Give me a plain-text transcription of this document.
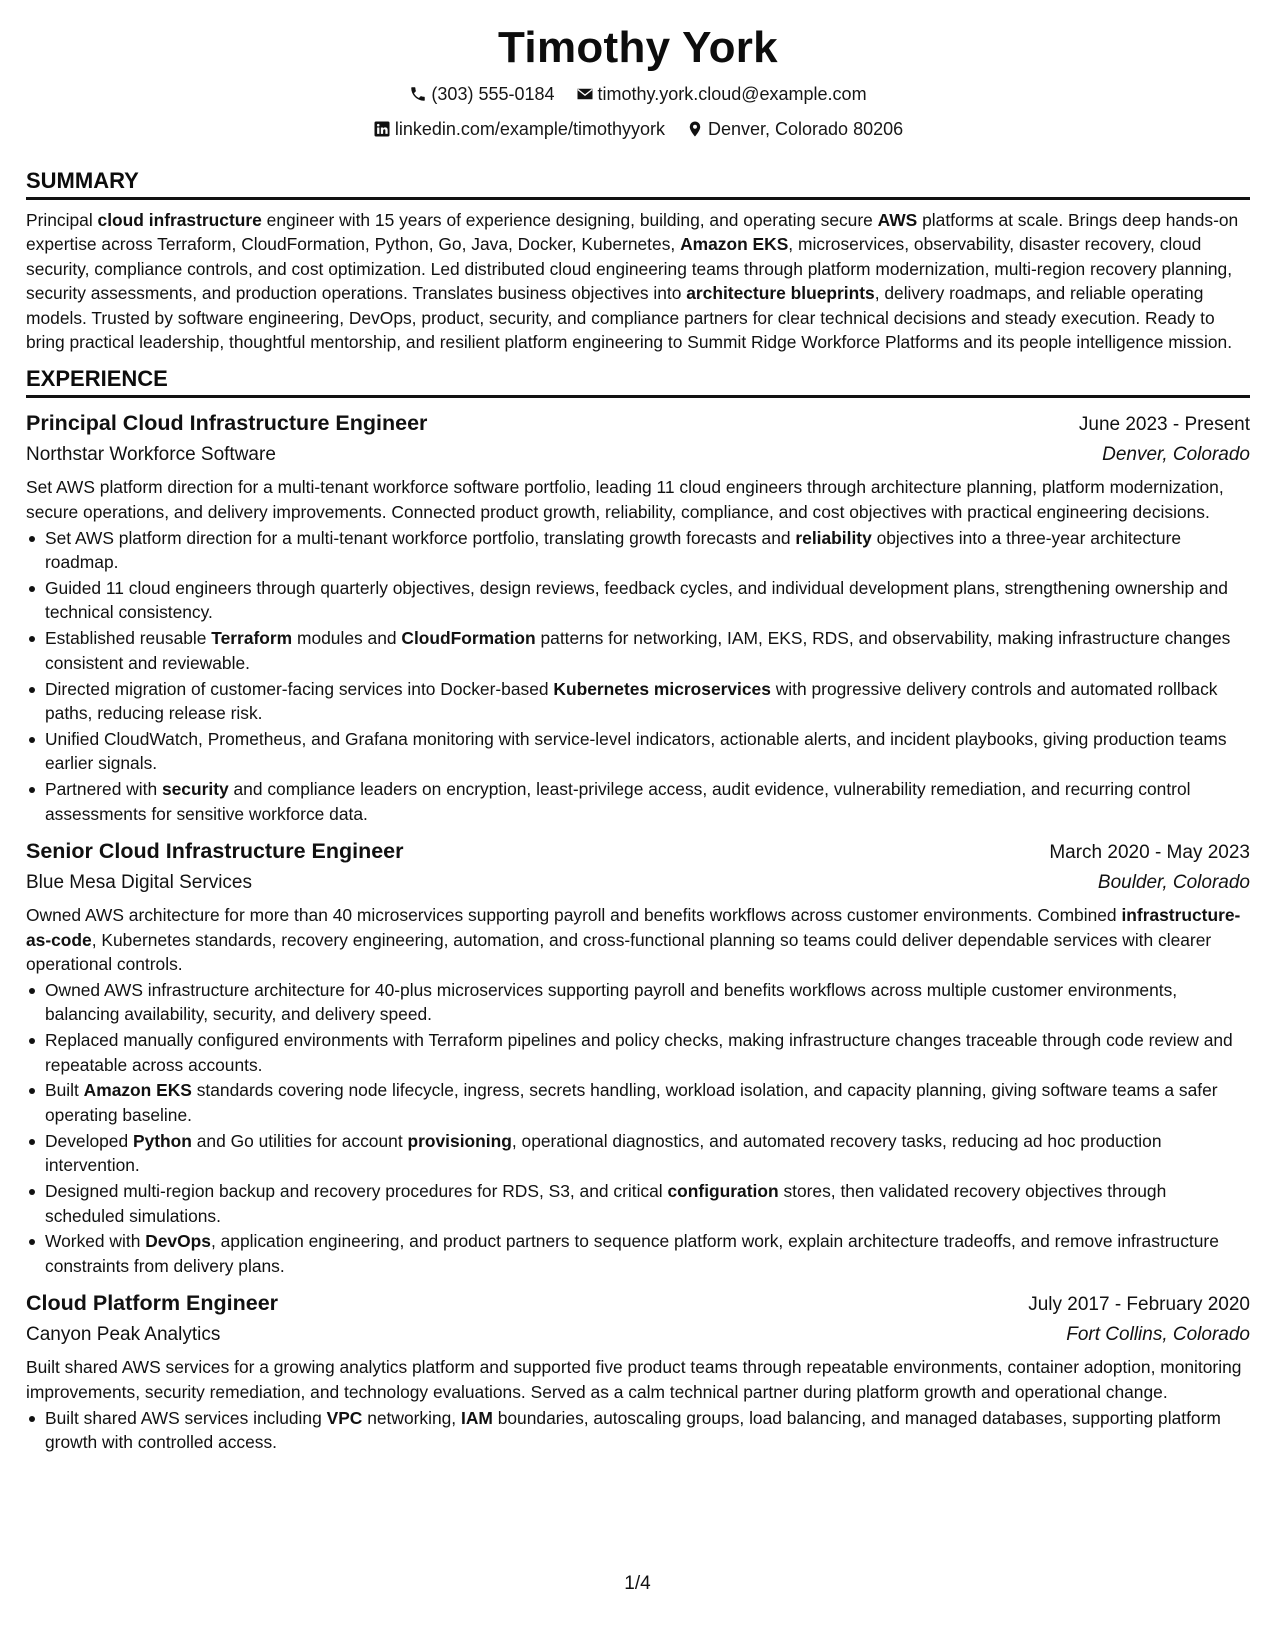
Timothy York
(303) 555-0184
timothy.york.cloud@example.com
linkedin.com/example/timothyyork
Denver, Colorado 80206
SUMMARY

Principal cloud infrastructure engineer with 15 years of experience designing, building, and operating secure AWS platforms at scale. Brings deep hands-on expertise across Terraform, CloudFormation, Python, Go, Java, Docker, Kubernetes, Amazon EKS, microservices, observability, disaster recovery, cloud security, compliance controls, and cost optimization. Led distributed cloud engineering teams through platform modernization, multi-region recovery planning, security assessments, and production operations. Translates business objectives into architecture blueprints, delivery roadmaps, and reliable operating models. Trusted by software engineering, DevOps, product, security, and compliance partners for clear technical decisions and steady execution. Ready to bring practical leadership, thoughtful mentorship, and resilient platform engineering to Summit Ridge Workforce Platforms and its people intelligence mission.

EXPERIENCE
Principal Cloud Infrastructure Engineer	June 2023 - Present
Northstar Workforce Software	Denver, Colorado
Set AWS platform direction for a multi-tenant workforce software portfolio, leading 11 cloud engineers through architecture planning, platform modernization, secure operations, and delivery improvements. Connected product growth, reliability, compliance, and cost objectives with practical engineering decisions.
Set AWS platform direction for a multi-tenant workforce portfolio, translating growth forecasts and reliability objectives into a three-year architecture roadmap.
Guided 11 cloud engineers through quarterly objectives, design reviews, feedback cycles, and individual development plans, strengthening ownership and technical consistency.
Established reusable Terraform modules and CloudFormation patterns for networking, IAM, EKS, RDS, and observability, making infrastructure changes consistent and reviewable.
Directed migration of customer-facing services into Docker-based Kubernetes microservices with progressive delivery controls and automated rollback paths, reducing release risk.
Unified CloudWatch, Prometheus, and Grafana monitoring with service-level indicators, actionable alerts, and incident playbooks, giving production teams earlier signals.
Partnered with security and compliance leaders on encryption, least-privilege access, audit evidence, vulnerability remediation, and recurring control assessments for sensitive workforce data.
Senior Cloud Infrastructure Engineer	March 2020 - May 2023
Blue Mesa Digital Services	Boulder, Colorado
Owned AWS architecture for more than 40 microservices supporting payroll and benefits workflows across customer environments. Combined infrastructure-as-code, Kubernetes standards, recovery engineering, automation, and cross-functional planning so teams could deliver dependable services with clearer operational controls.
Owned AWS infrastructure architecture for 40-plus microservices supporting payroll and benefits workflows across multiple customer environments, balancing availability, security, and delivery speed.
Replaced manually configured environments with Terraform pipelines and policy checks, making infrastructure changes traceable through code review and repeatable across accounts.
Built Amazon EKS standards covering node lifecycle, ingress, secrets handling, workload isolation, and capacity planning, giving software teams a safer operating baseline.
Developed Python and Go utilities for account provisioning, operational diagnostics, and automated recovery tasks, reducing ad hoc production intervention.
Designed multi-region backup and recovery procedures for RDS, S3, and critical configuration stores, then validated recovery objectives through scheduled simulations.
Worked with DevOps, application engineering, and product partners to sequence platform work, explain architecture tradeoffs, and remove infrastructure constraints from delivery plans.
Cloud Platform Engineer	July 2017 - February 2020
Canyon Peak Analytics	Fort Collins, Colorado
Built shared AWS services for a growing analytics platform and supported five product teams through repeatable environments, container adoption, monitoring improvements, security remediation, and technology evaluations. Served as a calm technical partner during platform growth and operational change.
Built shared AWS services including VPC networking, IAM boundaries, autoscaling groups, load balancing, and managed databases, supporting platform growth with controlled access.
1/4
